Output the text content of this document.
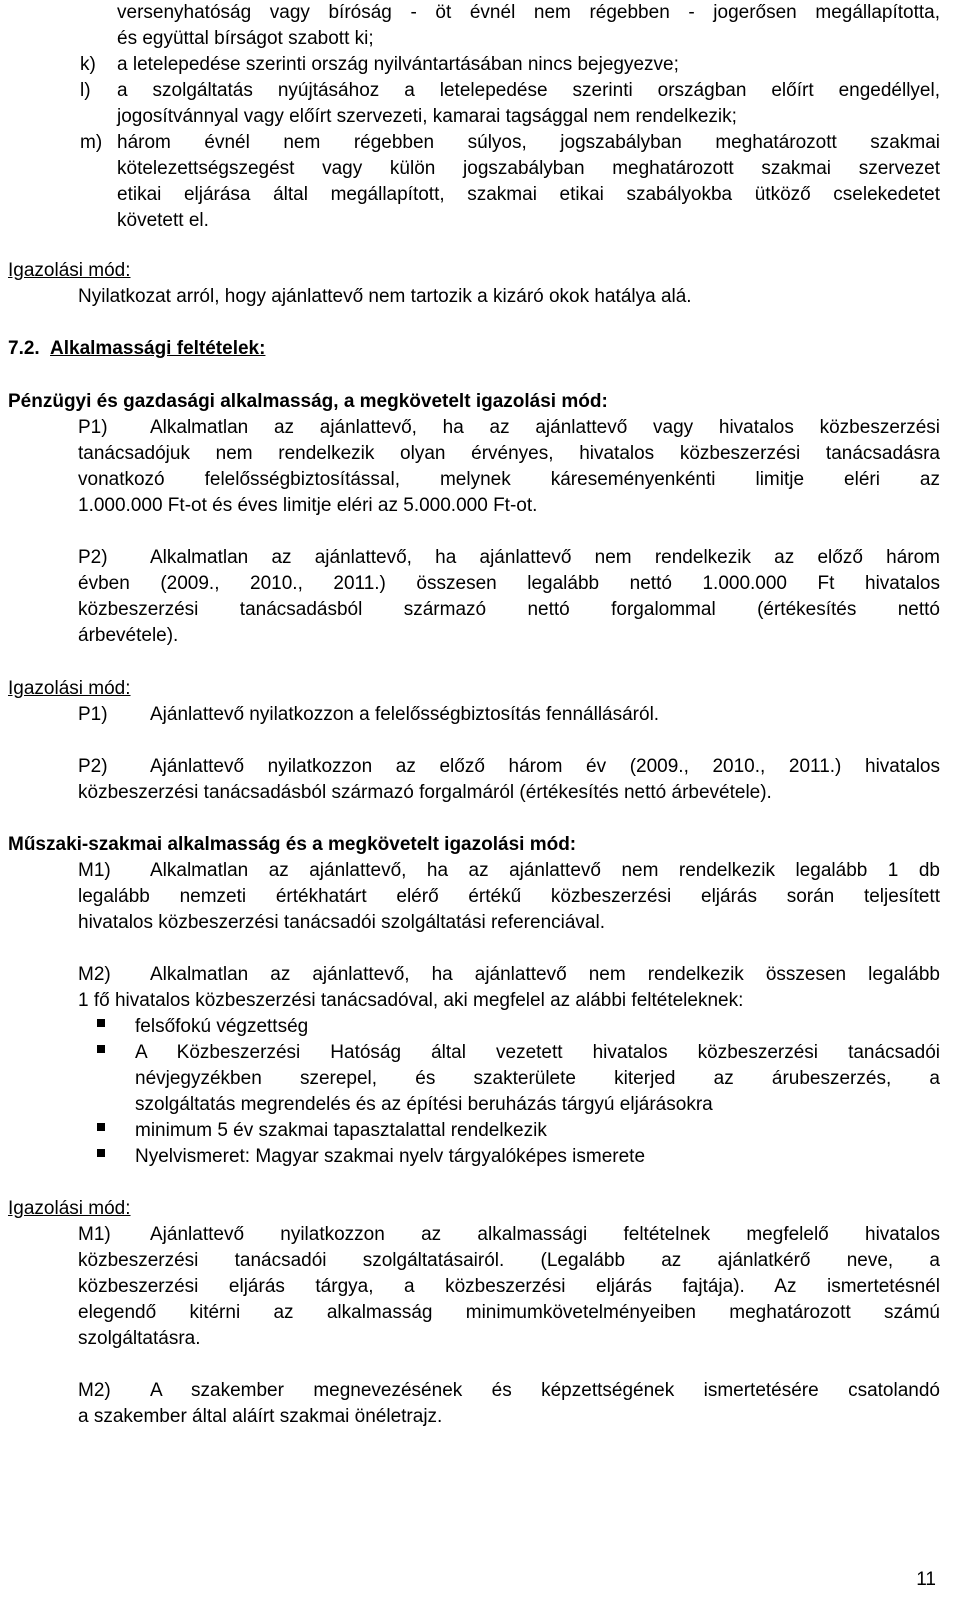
versenyhatóság vagy bíróság - öt évnél nem régebben - jogerősen megállapította,
és együttal bírságot szabott ki;
k) a letelepedése szerinti ország nyilvántartásában nincs bejegyezve;
l) a szolgáltatás nyújtásához a letelepedése szerinti országban előírt engedéllyel,
jogosítvánnyal vagy előírt szervezeti, kamarai tagsággal nem rendelkezik;
m) három évnél nem régebben súlyos, jogszabályban meghatározott szakmai
kötelezettségszegést vagy külön jogszabályban meghatározott szakmai szervezet
etikai eljárása által megállapított, szakmai etikai szabályokba ütköző cselekedetet
követett el.
Igazolási mód:
Nyilatkozat arról, hogy ajánlattevő nem tartozik a kizáró okok hatálya alá.
7.2. Alkalmassági feltételek:
Pénzügyi és gazdasági alkalmasság, a megkövetelt igazolási mód:
P1) Alkalmatlan az ajánlattevő, ha az ajánlattevő vagy hivatalos közbeszerzési
tanácsadójuk nem rendelkezik olyan érvényes, hivatalos közbeszerzési tanácsadásra
vonatkozó felelősségbiztosítással, melynek káreseményenkénti limitje eléri az
1.000.000 Ft-ot és éves limitje eléri az 5.000.000 Ft-ot.
P2) Alkalmatlan az ajánlattevő, ha ajánlattevő nem rendelkezik az előző három
évben (2009., 2010., 2011.) összesen legalább nettó 1.000.000 Ft hivatalos
közbeszerzési tanácsadásból származó nettó forgalommal (értékesítés nettó
árbevétele).
Igazolási mód:
P1) Ajánlattevő nyilatkozzon a felelősségbiztosítás fennállásáról.
P2) Ajánlattevő nyilatkozzon az előző három év (2009., 2010., 2011.) hivatalos
közbeszerzési tanácsadásból származó forgalmáról (értékesítés nettó árbevétele).
Műszaki-szakmai alkalmasság és a megkövetelt igazolási mód:
M1) Alkalmatlan az ajánlattevő, ha az ajánlattevő nem rendelkezik legalább 1 db
legalább nemzeti értékhatárt elérő értékű közbeszerzési eljárás során teljesített
hivatalos közbeszerzési tanácsadói szolgáltatási referenciával.
M2) Alkalmatlan az ajánlattevő, ha ajánlattevő nem rendelkezik összesen legalább
1 fő hivatalos közbeszerzési tanácsadóval, aki megfelel az alábbi feltételeknek:
felsőfokú végzettség
A Közbeszerzési Hatóság által vezetett hivatalos közbeszerzési tanácsadói
névjegyzékben szerepel, és szakterülete kiterjed az árubeszerzés, a
szolgáltatás megrendelés és az építési beruházás tárgyú eljárásokra
minimum 5 év szakmai tapasztalattal rendelkezik
Nyelvismeret: Magyar szakmai nyelv tárgyalóképes ismerete
Igazolási mód:
M1) Ajánlattevő nyilatkozzon az alkalmassági feltételnek megfelelő hivatalos
közbeszerzési tanácsadói szolgáltatásairól. (Legalább az ajánlatkérő neve, a
közbeszerzési eljárás tárgya, a közbeszerzési eljárás fajtája). Az ismertetésnél
elegendő kitérni az alkalmasság minimumkövetelményeiben meghatározott számú
szolgáltatásra.
M2) A szakember megnevezésének és képzettségének ismertetésére csatolandó
a szakember által aláírt szakmai önéletrajz.
11
